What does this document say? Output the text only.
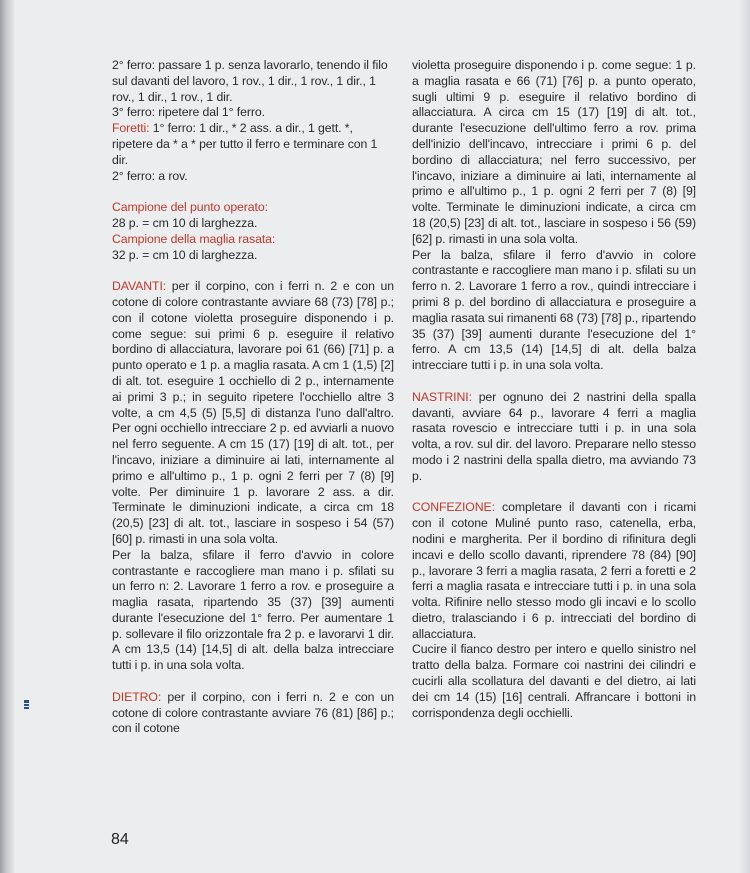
2° ferro: passare 1 p. senza lavorarlo, tenendo il filo sul davanti del lavoro, 1 rov., 1 dir., 1 rov., 1 dir., 1 rov., 1 dir., 1 rov., 1 dir.

3° ferro: ripetere dal 1° ferro.

Foretti: 1° ferro: 1 dir., * 2 ass. a dir., 1 gett. *, ripetere da * a * per tutto il ferro e terminare con 1 dir.

2° ferro: a rov.

Campione del punto operato:

28 p. = cm 10 di larghezza.

Campione della maglia rasata:

32 p. = cm 10 di larghezza.

DAVANTI: per il corpino, con i ferri n. 2 e con un cotone di colore contrastante avviare 68 (73) [78] p.; con il cotone violetta proseguire disponendo i p. come segue: sui primi 6 p. eseguire il relativo bordino di allacciatura, lavorare poi 61 (66) [71] p. a punto operato e 1 p. a maglia rasata. A cm 1 (1,5) [2] di alt. tot. eseguire 1 occhiello di 2 p., internamente ai primi 3 p.; in seguito ripetere l'occhiello altre 3 volte, a cm 4,5 (5) [5,5] di distanza l'uno dall'altro. Per ogni occhiello intrecciare 2 p. ed avviarli a nuovo nel ferro seguente. A cm 15 (17) [19] di alt. tot., per l'incavo, iniziare a diminuire ai lati, internamente al primo e all'ultimo p., 1 p. ogni 2 ferri per 7 (8) [9] volte. Per diminuire 1 p. lavorare 2 ass. a dir. Terminate le diminuzioni indicate, a circa cm 18 (20,5) [23] di alt. tot., lasciare in sospeso i 54 (57) [60] p. rimasti in una sola volta.

Per la balza, sfilare il ferro d'avvio in colore contrastante e raccogliere man mano i p. sfilati su un ferro n: 2. Lavorare 1 ferro a rov. e proseguire a maglia rasata, ripartendo 35 (37) [39] aumenti durante l'esecuzione del 1° ferro. Per aumentare 1 p. sollevare il filo orizzontale fra 2 p. e lavorarvi 1 dir. A cm 13,5 (14) [14,5] di alt. della balza intrecciare tutti i p. in una sola volta.

DIETRO: per il corpino, con i ferri n. 2 e con un cotone di colore contrastante avviare 76 (81) [86] p.; con il cotone

violetta proseguire disponendo i p. come segue: 1 p. a maglia rasata e 66 (71) [76] p. a punto operato, sugli ultimi 9 p. eseguire il relativo bordino di allacciatura. A circa cm 15 (17) [19] di alt. tot., durante l'esecuzione dell'ultimo ferro a rov. prima dell'inizio dell'incavo, intrecciare i primi 6 p. del bordino di allacciatura; nel ferro successivo, per l'incavo, iniziare a diminuire ai lati, internamente al primo e all'ultimo p., 1 p. ogni 2 ferri per 7 (8) [9] volte. Terminate le diminuzioni indicate, a circa cm 18 (20,5) [23] di alt. tot., lasciare in sospeso i 56 (59) [62] p. rimasti in una sola volta.

Per la balza, sfilare il ferro d'avvio in colore contrastante e raccogliere man mano i p. sfilati su un ferro n. 2. Lavorare 1 ferro a rov., quindi intrecciare i primi 8 p. del bordino di allacciatura e proseguire a maglia rasata sui rimanenti 68 (73) [78] p., ripartendo 35 (37) [39] aumenti durante l'esecuzione del 1° ferro. A cm 13,5 (14) [14,5] di alt. della balza intrecciare tutti i p. in una sola volta.

NASTRINI: per ognuno dei 2 nastrini della spalla davanti, avviare 64 p., lavorare 4 ferri a maglia rasata rovescio e intrecciare tutti i p. in una sola volta, a rov. sul dir. del lavoro. Preparare nello stesso modo i 2 nastrini della spalla dietro, ma avviando 73 p.

CONFEZIONE: completare il davanti con i ricami con il cotone Muliné punto raso, catenella, erba, nodini e margherita. Per il bordino di rifinitura degli incavi e dello scollo davanti, riprendere 78 (84) [90] p., lavorare 3 ferri a maglia rasata, 2 ferri a foretti e 2 ferri a maglia rasata e intrecciare tutti i p. in una sola volta. Rifinire nello stesso modo gli incavi e lo scollo dietro, tralasciando i 6 p. intrecciati del bordino di allacciatura.

Cucire il fianco destro per intero e quello sinistro nel tratto della balza. Formare coi nastrini dei cilindri e cucirli alla scollatura del davanti e del dietro, ai lati dei cm 14 (15) [16] centrali. Affrancare i bottoni in corrispondenza degli occhielli.

84
